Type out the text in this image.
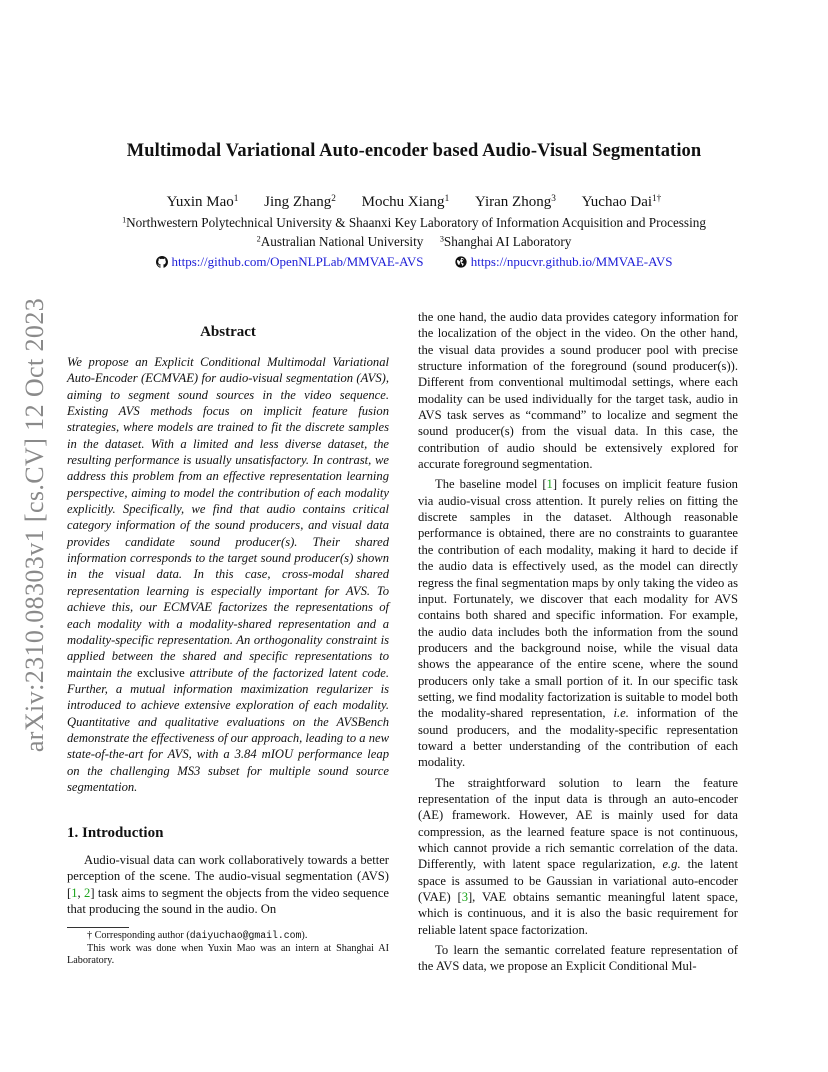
Multimodal Variational Auto-encoder based Audio-Visual Segmentation
Yuxin Mao$^1$ Jing Zhang$^2$ Mochu Xiang$^1$ Yiran Zhong$^3$ Yuchao Dai$^{1\dagger}$
$^1$Northwestern Polytechnical University & Shaanxi Key Laboratory of Information Acquisition and Processing
$^2$Australian National University $^3$Shanghai AI Laboratory
https://github.com/OpenNLPLab/MMVAE-AVS	https://npucvr.github.io/MMVAE-AVS
arXiv:2310.08303v1 [cs.CV] 12 Oct 2023	Abstract
We propose an Explicit Conditional Multimodal Variational Auto-Encoder (ECMVAE) for audio-visual segmentation (AVS), aiming to segment sound sources in the video sequence. Existing AVS methods focus on implicit feature fusion strategies, where models are trained to fit the discrete samples in the dataset. With a limited and less diverse dataset, the resulting performance is usually unsatisfactory. In contrast, we address this problem from an effective representation learning perspective, aiming to model the contribution of each modality explicitly. Specifically, we find that audio contains critical category information of the sound producers, and visual data provides candidate sound producer(s). Their shared information corresponds to the target sound producer(s) shown in the visual data. In this case, cross-modal shared representation learning is especially important for AVS. To achieve this, our ECMVAE factorizes the representations of each modality with a modality-shared representation and a modality-specific representation. An orthogonality constraint is applied between the shared and specific representations to maintain the exclusive attribute of the factorized latent code. Further, a mutual information maximization regularizer is introduced to achieve extensive exploration of each modality. Quantitative and qualitative evaluations on the AVSBench demonstrate the effectiveness of our approach, leading to a new state-of-the-art for AVS, with a 3.84 mIOU performance leap on the challenging MS3 subset for multiple sound source segmentation.
1. Introduction
Audio-visual data can work collaboratively towards a better perception of the scene. The audio-visual segmentation (AVS) [1, 2] task aims to segment the objects from the video sequence that producing the sound in the audio. On
† Corresponding author (daiyuchao@gmail.com).
This work was done when Yuxin Mao was an intern at Shanghai AI Laboratory.

the one hand, the audio data provides category information for the localization of the object in the video. On the other hand, the visual data provides a sound producer pool with precise structure information of the foreground (sound producer(s)). Different from conventional multimodal settings, where each modality can be used individually for the target task, audio in AVS task serves as “command” to localize and segment the sound producer(s) from the visual data. In this case, the contribution of audio should be extensively explored for accurate foreground segmentation.

The baseline model [1] focuses on implicit feature fusion via audio-visual cross attention. It purely relies on fitting the discrete samples in the dataset. Although reasonable performance is obtained, there are no constraints to guarantee the contribution of each modality, making it hard to decide if the audio data is effectively used, as the model can directly regress the final segmentation maps by only taking the video as input. Fortunately, we discover that each modality for AVS contains both shared and specific information. For example, the audio data includes both the information from the sound producers and the background noise, while the visual data shows the appearance of the entire scene, where the sound producers only take a small portion of it. In our specific task setting, we find modality factorization is suitable to model both the modality-shared representation, i.e. information of the sound producers, and the modality-specific representation toward a better understanding of the contribution of each modality.

The straightforward solution to learn the feature representation of the input data is through an auto-encoder (AE) framework. However, AE is mainly used for data compression, as the learned feature space is not continuous, which cannot provide a rich semantic correlation of the data. Differently, with latent space regularization, e.g. the latent space is assumed to be Gaussian in variational auto-encoder (VAE) [3], VAE obtains semantic meaningful latent space, which is continuous, and it is also the basic requirement for reliable latent space factorization.

To learn the semantic correlated feature representation of the AVS data, we propose an Explicit Conditional Mul-
